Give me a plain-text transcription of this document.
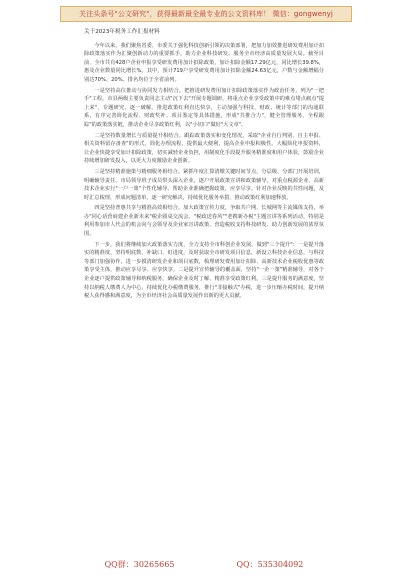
关注头条号"公文研究"，获得最新最全最专业的公文资料库！ 微信：gongwenyj

关于2023年税务工作汇报材料

今年以来，我们聚焦省委、市委关于强化科技创新引领的决策部署，把加力加效推进研发费用加计扣除政策落实作为汇聚创新动力的重要抓手，助力企业科技研发、服务全市经济高质量发展大局。截至目前，全市共有428户企业申报享受研发费用加计扣除政策，加计扣除金额17.29亿元，同比增长39.8%，惠及企业数量同比增长%。其中，预计719户享受研发费用加计扣除金额24.63亿元，户数与金额增幅分别达70%、20%。排名均位于全省前列。

一是坚持高位推动与协同发力相结合。把推进研发费用加计扣除政策落实作为政治任务，列为"一把手"工程。市县两级主要负责同志主动"沉下去"开展专题调研，将重点企业享受政策中的难点堵点痛点"提上来"，专题研究、逐一破解。推进政策红利直达快享，主动加强与科技、财政、统计等部门的沟通联系，有序完善简化流程、财政奖补、项目鉴定等具体措施，形成"共推合力"，健全管理服务、全程跟踪"的政策落实链，推动企业尽享政策红利，以"小切口"做好"大文章"。

二是坚持数量增长与质量提升相结合。跟踪政策落实和变化情况，采取"企业自行判别、自主申报、相关资料留存备查"的形式，简化办理流程，提供最大便利，提高企业申报积极性。大幅简化申报资料，让企业快捷享受加计扣除政策，切实减轻企业负担，用制度化手段提升服务精准度和用户体验，鼓励企业持续增加研发投入，以更大力度激励企业创新。

三是坚持精准施策与精细服务相结合。紧抓年度汇算清缴关键时间节点，分层级、分部门开展培训，明确辅导责任，市局领导班子成员带头深入企业，逐户开展政策宣讲和政策辅导。对重点税源企业、高新技术企业实行"一户一策"个性化辅导，帮助企业准确把握政策，应享尽享。针对企业反映的共性问题，及时汇总梳理，形成问题清单，逐一研究解决，持续优化服务举措，推动政策红利加速释放。

四是坚持普惠共享与精准高效相结合。加大政策宣传力度，争取共户网、长城网等主流媒体支持，举办"同心话营商建企业新未来"税企圆桌交流会、"税政送春风""老携新办税"主题宣讲等系列活动，特别是利用参加市人代会的机会向与会领导及企业家宣讲政策，营造税收支持科技研发、助力创新发展的浓厚氛围。

下一步，我们将继续加大政策落实力度，全力支持全市科创企业发展，做到"三个提升"：一是提升落实的精准度，坚持明底数、补缺口、盯进度，及时获取全市研发项目信息，新设立科技企业信息，与科技等部门加强协作，进一步摸清研发企业和项目底数，梳理研发费用加计扣除、高新技术企业税收优惠等政策享受主体，推动应享尽享、应享快享。二是提升宣传辅导的覆盖面，坚持"一企一策"精准辅导，对各个企业逐户提供政策辅导和纳税服务，确保企业及时了解、精准享受政策红利。三是提升服务的满意度，坚持以纳税人缴费人为中心，持续优化办税缴费服务，推行"非接触式"办税，进一步压缩办税时间，提升纳税人获得感和满意度，为全市经济社会高质量发展作出新的更大贡献。

QQ群：30265665	QQ：535304092
